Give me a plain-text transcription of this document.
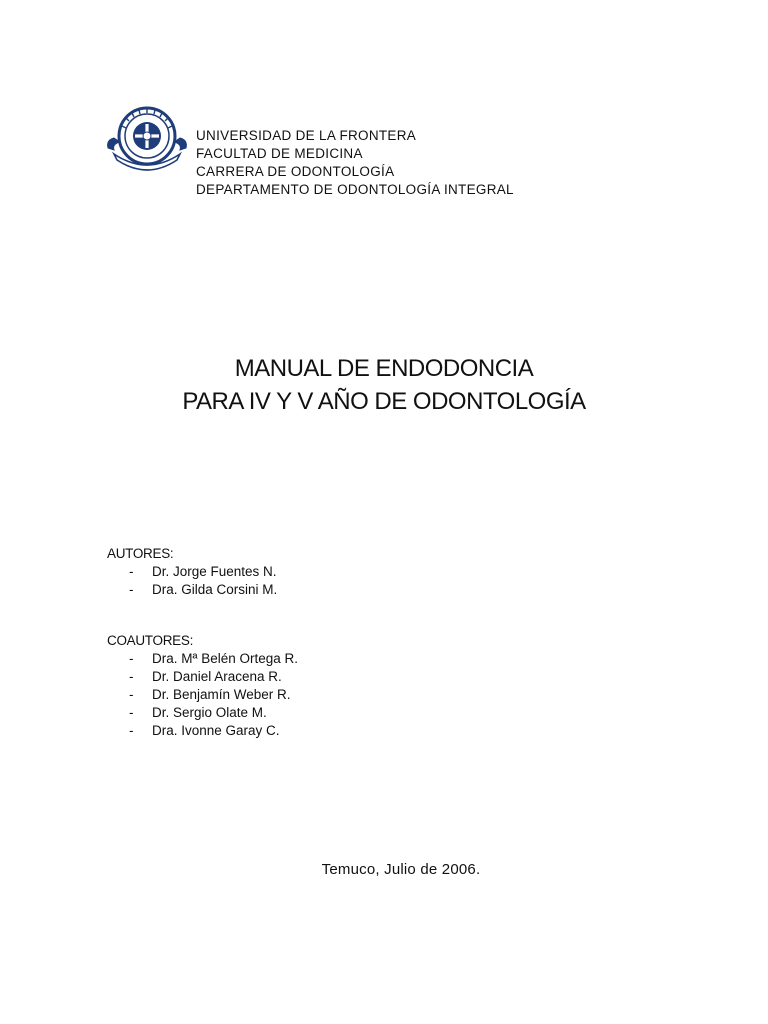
UNIVERSIDAD DE LA FRONTERA
FACULTAD DE MEDICINA
CARRERA DE ODONTOLOGÍA
DEPARTAMENTO DE ODONTOLOGÍA INTEGRAL
MANUAL DE ENDODONCIA
PARA IV Y V AÑO DE ODONTOLOGÍA
AUTORES:
-	Dr. Jorge Fuentes N.
-	Dra. Gilda Corsini M.
COAUTORES:
-	Dra. Mª Belén Ortega R.
-	Dr. Daniel Aracena R.
-	Dr. Benjamín Weber R.
-	Dr. Sergio Olate M.
-	Dra. Ivonne Garay C.
Temuco, Julio de 2006.
